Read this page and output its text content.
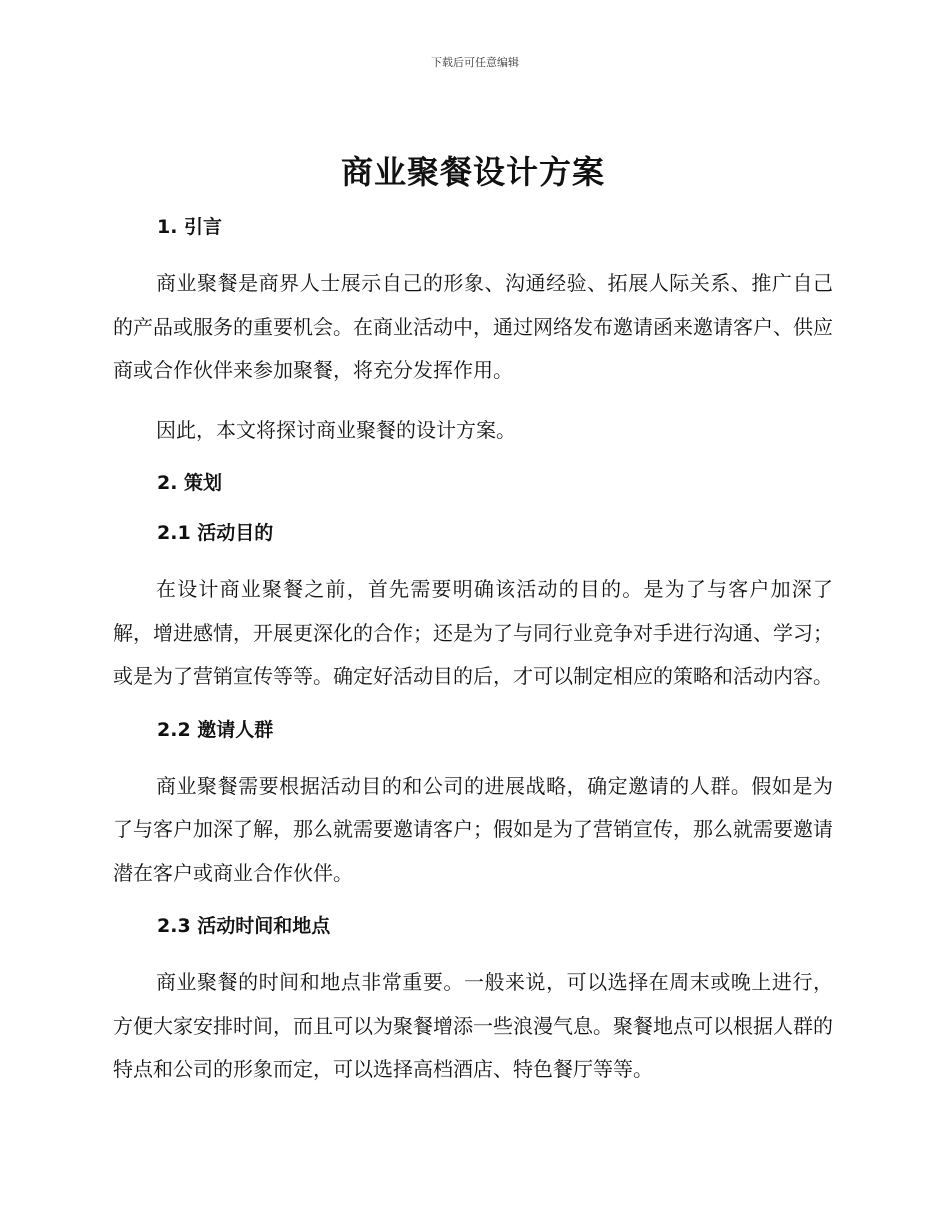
下载后可任意编辑
商业聚餐设计方案

1. 引言

商业聚餐是商界人士展示自己的形象、沟通经验、拓展人际关系、推广自己的产品或服务的重要机会。在商业活动中，通过网络发布邀请函来邀请客户、供应商或合作伙伴来参加聚餐，将充分发挥作用。

因此，本文将探讨商业聚餐的设计方案。

2. 策划

2.1 活动目的

在设计商业聚餐之前，首先需要明确该活动的目的。是为了与客户加深了解，增进感情，开展更深化的合作；还是为了与同行业竞争对手进行沟通、学习；或是为了营销宣传等等。确定好活动目的后，才可以制定相应的策略和活动内容。

2.2 邀请人群

商业聚餐需要根据活动目的和公司的进展战略，确定邀请的人群。假如是为了与客户加深了解，那么就需要邀请客户；假如是为了营销宣传，那么就需要邀请潜在客户或商业合作伙伴。

2.3 活动时间和地点

商业聚餐的时间和地点非常重要。一般来说，可以选择在周末或晚上进行，方便大家安排时间，而且可以为聚餐增添一些浪漫气息。聚餐地点可以根据人群的特点和公司的形象而定，可以选择高档酒店、特色餐厅等等。
